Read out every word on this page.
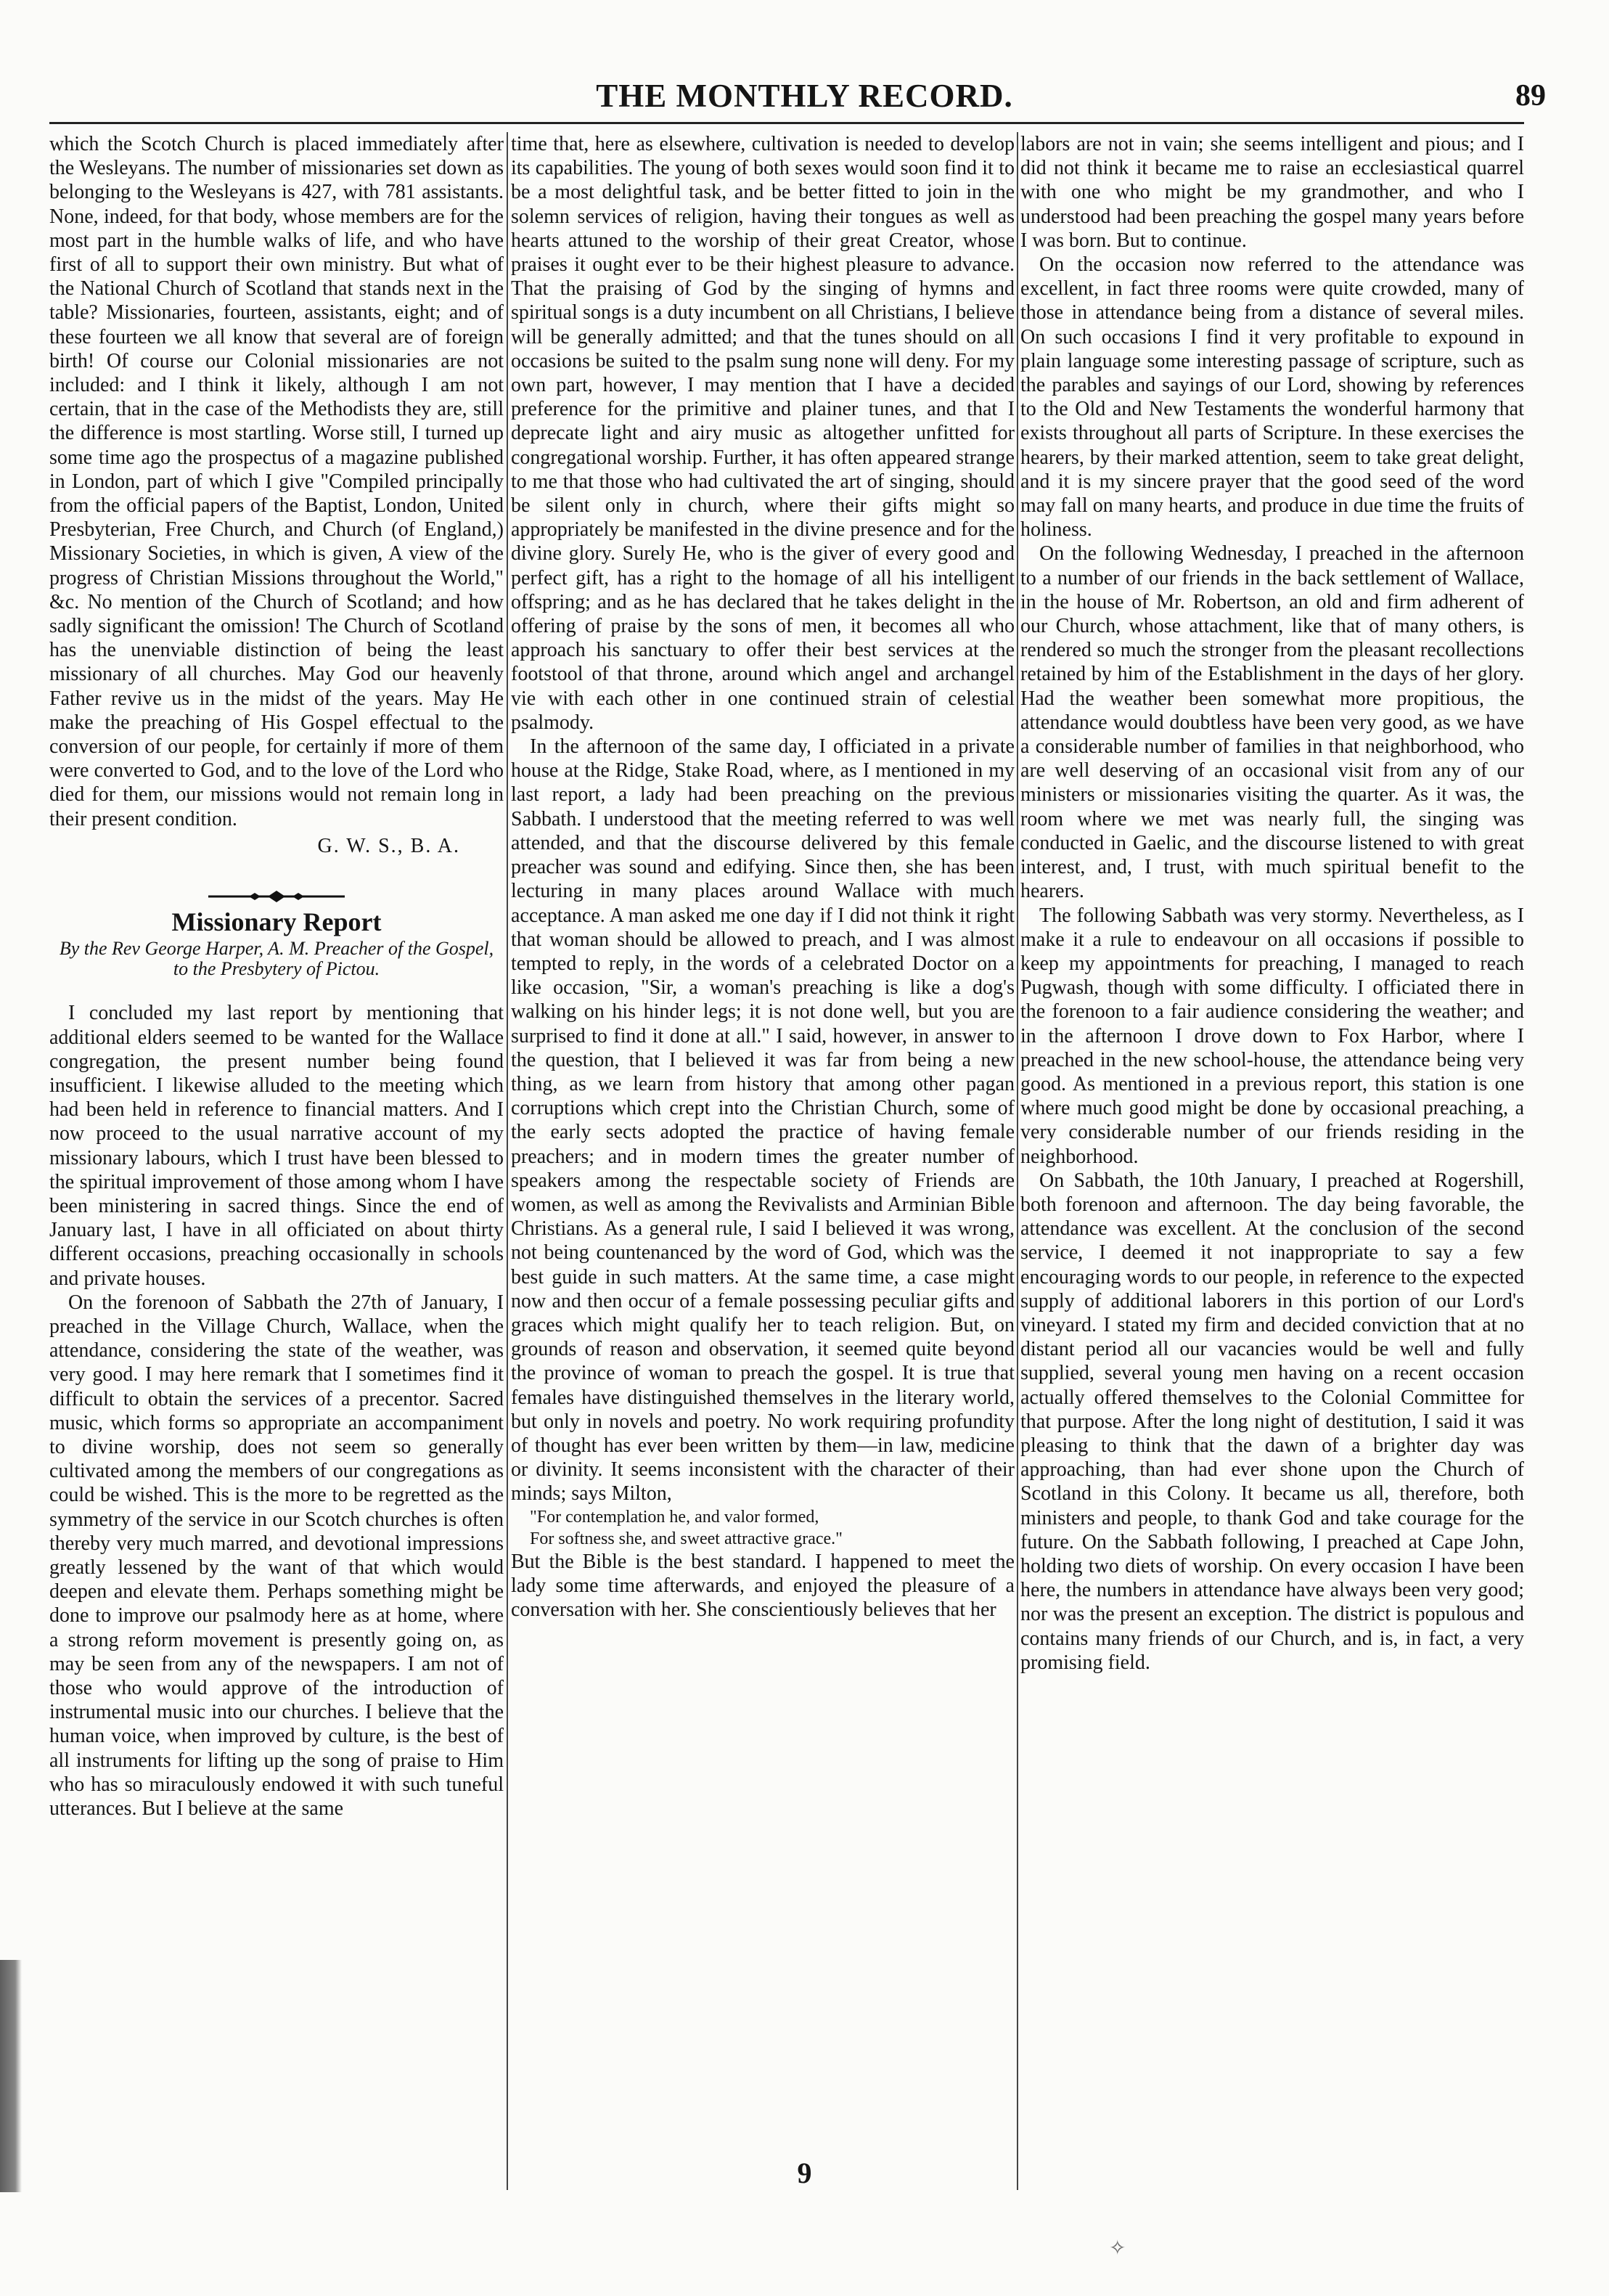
THE MONTHLY RECORD.	89

which the Scotch Church is placed immediately after the Wesleyans. The number of missionaries set down as belonging to the Wesleyans is 427, with 781 assistants. None, indeed, for that body, whose members are for the most part in the humble walks of life, and who have first of all to support their own ministry. But what of the National Church of Scotland that stands next in the table? Missionaries, fourteen, assistants, eight; and of these fourteen we all know that several are of foreign birth! Of course our Colonial missionaries are not included: and I think it likely, although I am not certain, that in the case of the Methodists they are, still the difference is most startling. Worse still, I turned up some time ago the prospectus of a magazine published in London, part of which I give "Compiled principally from the official papers of the Baptist, London, United Presbyterian, Free Church, and Church (of England,) Missionary Societies, in which is given, A view of the progress of Christian Missions throughout the World," &c. No mention of the Church of Scotland; and how sadly significant the omission! The Church of Scotland has the unenviable distinction of being the least missionary of all churches. May God our heavenly Father revive us in the midst of the years. May He make the preaching of His Gospel effectual to the conversion of our people, for certainly if more of them were converted to God, and to the love of the Lord who died for them, our missions would not remain long in their present condition.

G. W. S., B. A.
Missionary Report
By the Rev George Harper, A. M. Preacher of the Gospel, to the Presbytery of Pictou.

I concluded my last report by mentioning that additional elders seemed to be wanted for the Wallace congregation, the present number being found insufficient. I likewise alluded to the meeting which had been held in reference to financial matters. And I now proceed to the usual narrative account of my missionary labours, which I trust have been blessed to the spiritual improvement of those among whom I have been ministering in sacred things. Since the end of January last, I have in all officiated on about thirty different occasions, preaching occasionally in schools and private houses.

On the forenoon of Sabbath the 27th of January, I preached in the Village Church, Wallace, when the attendance, considering the state of the weather, was very good. I may here remark that I sometimes find it difficult to obtain the services of a precentor. Sacred music, which forms so appropriate an accompaniment to divine worship, does not seem so generally cultivated among the members of our congregations as could be wished. This is the more to be regretted as the symmetry of the service in our Scotch churches is often thereby very much marred, and devotional impressions greatly lessened by the want of that which would deepen and elevate them. Perhaps something might be done to improve our psalmody here as at home, where a strong reform movement is presently going on, as may be seen from any of the newspapers. I am not of those who would approve of the introduction of instrumental music into our churches. I believe that the human voice, when improved by culture, is the best of all instruments for lifting up the song of praise to Him who has so miraculously endowed it with such tuneful utterances. But I believe at the same

time that, here as elsewhere, cultivation is needed to develop its capabilities. The young of both sexes would soon find it to be a most delightful task, and be better fitted to join in the solemn services of religion, having their tongues as well as hearts attuned to the worship of their great Creator, whose praises it ought ever to be their highest pleasure to advance. That the praising of God by the singing of hymns and spiritual songs is a duty incumbent on all Christians, I believe will be generally admitted; and that the tunes should on all occasions be suited to the psalm sung none will deny. For my own part, however, I may mention that I have a decided preference for the primitive and plainer tunes, and that I deprecate light and airy music as altogether unfitted for congregational worship. Further, it has often appeared strange to me that those who had cultivated the art of singing, should be silent only in church, where their gifts might so appropriately be manifested in the divine presence and for the divine glory. Surely He, who is the giver of every good and perfect gift, has a right to the homage of all his intelligent offspring; and as he has declared that he takes delight in the offering of praise by the sons of men, it becomes all who approach his sanctuary to offer their best services at the footstool of that throne, around which angel and archangel vie with each other in one continued strain of celestial psalmody.

In the afternoon of the same day, I officiated in a private house at the Ridge, Stake Road, where, as I mentioned in my last report, a lady had been preaching on the previous Sabbath. I understood that the meeting referred to was well attended, and that the discourse delivered by this female preacher was sound and edifying. Since then, she has been lecturing in many places around Wallace with much acceptance. A man asked me one day if I did not think it right that woman should be allowed to preach, and I was almost tempted to reply, in the words of a celebrated Doctor on a like occasion, "Sir, a woman's preaching is like a dog's walking on his hinder legs; it is not done well, but you are surprised to find it done at all." I said, however, in answer to the question, that I believed it was far from being a new thing, as we learn from history that among other pagan corruptions which crept into the Christian Church, some of the early sects adopted the practice of having female preachers; and in modern times the greater number of speakers among the respectable society of Friends are women, as well as among the Revivalists and Arminian Bible Christians. As a general rule, I said I believed it was wrong, not being countenanced by the word of God, which was the best guide in such matters. At the same time, a case might now and then occur of a female possessing peculiar gifts and graces which might qualify her to teach religion. But, on grounds of reason and observation, it seemed quite beyond the province of woman to preach the gospel. It is true that females have distinguished themselves in the literary world, but only in novels and poetry. No work requiring profundity of thought has ever been written by them—in law, medicine or divinity. It seems inconsistent with the character of their minds; says Milton,

"For contemplation he, and valor formed,

For softness she, and sweet attractive grace."

But the Bible is the best standard. I happened to meet the lady some time afterwards, and enjoyed the pleasure of a conversation with her. She conscientiously believes that her

labors are not in vain; she seems intelligent and pious; and I did not think it became me to raise an ecclesiastical quarrel with one who might be my grandmother, and who I understood had been preaching the gospel many years before I was born. But to continue.

On the occasion now referred to the attendance was excellent, in fact three rooms were quite crowded, many of those in attendance being from a distance of several miles. On such occasions I find it very profitable to expound in plain language some interesting passage of scripture, such as the parables and sayings of our Lord, showing by references to the Old and New Testaments the wonderful harmony that exists throughout all parts of Scripture. In these exercises the hearers, by their marked attention, seem to take great delight, and it is my sincere prayer that the good seed of the word may fall on many hearts, and produce in due time the fruits of holiness.

On the following Wednesday, I preached in the afternoon to a number of our friends in the back settlement of Wallace, in the house of Mr. Robertson, an old and firm adherent of our Church, whose attachment, like that of many others, is rendered so much the stronger from the pleasant recollections retained by him of the Establishment in the days of her glory. Had the weather been somewhat more propitious, the attendance would doubtless have been very good, as we have a considerable number of families in that neighborhood, who are well deserving of an occasional visit from any of our ministers or missionaries visiting the quarter. As it was, the room where we met was nearly full, the singing was conducted in Gaelic, and the discourse listened to with great interest, and, I trust, with much spiritual benefit to the hearers.

The following Sabbath was very stormy. Nevertheless, as I make it a rule to endeavour on all occasions if possible to keep my appointments for preaching, I managed to reach Pugwash, though with some difficulty. I officiated there in the forenoon to a fair audience considering the weather; and in the afternoon I drove down to Fox Harbor, where I preached in the new school-house, the attendance being very good. As mentioned in a previous report, this station is one where much good might be done by occasional preaching, a very considerable number of our friends residing in the neighborhood.

On Sabbath, the 10th January, I preached at Rogershill, both forenoon and afternoon. The day being favorable, the attendance was excellent. At the conclusion of the second service, I deemed it not inappropriate to say a few encouraging words to our people, in reference to the expected supply of additional laborers in this portion of our Lord's vineyard. I stated my firm and decided conviction that at no distant period all our vacancies would be well and fully supplied, several young men having on a recent occasion actually offered themselves to the Colonial Committee for that purpose. After the long night of destitution, I said it was pleasing to think that the dawn of a brighter day was approaching, than had ever shone upon the Church of Scotland in this Colony. It became us all, therefore, both ministers and people, to thank God and take courage for the future. On the Sabbath following, I preached at Cape John, holding two diets of worship. On every occasion I have been here, the numbers in attendance have always been very good; nor was the present an exception. The district is populous and contains many friends of our Church, and is, in fact, a very promising field.

9
✧
